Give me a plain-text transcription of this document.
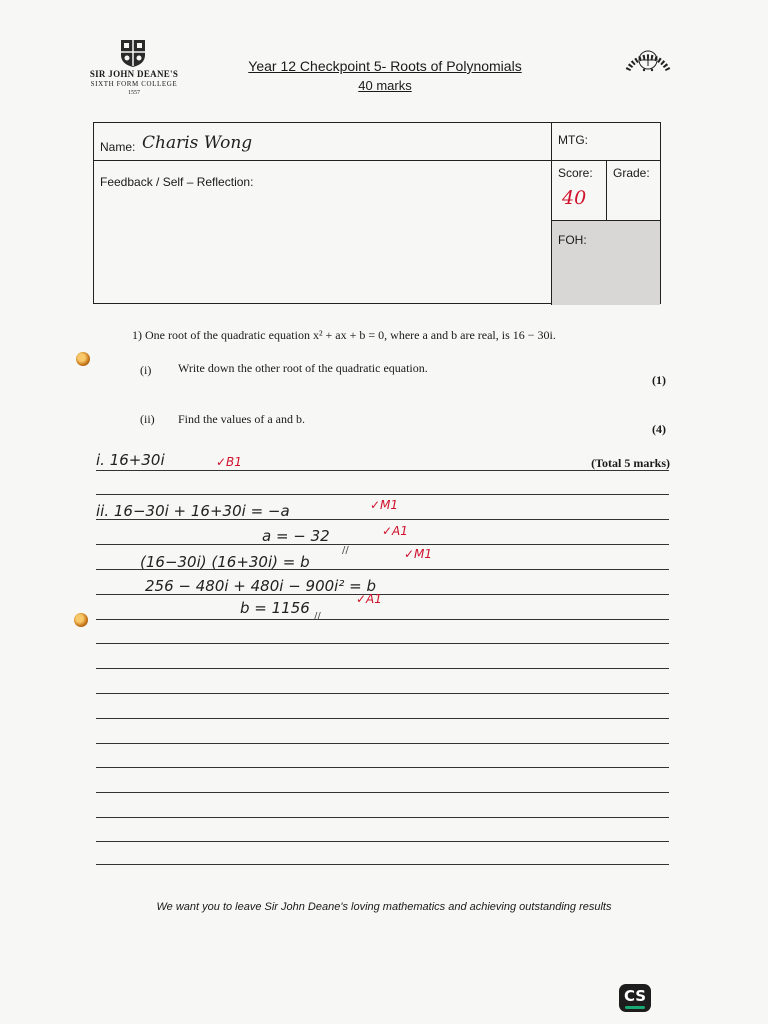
SIR JOHN DEANE'S
SIXTH FORM COLLEGE
1557
Year 12 Checkpoint 5- Roots of Polynomials
40 marks
Name: Charis Wong
Feedback / Self – Reflection:
MTG:
Score:
40
Grade:
FOH:
1) One root of the quadratic equation x² + ax + b = 0, where a and b are real, is 16 − 30i.
(i) Write down the other root of the quadratic equation.
(1)
(ii) Find the values of a and b.
(4)
(Total 5 marks)
i. 16+30i	✓B1
ii. 16−30i + 16+30i = −a	✓M1
a = − 32	✓A1
(16−30i) (16+30i) = b
//	✓M1
256 − 480i + 480i − 900i² = b
✓A1
b = 1156 //
We want you to leave Sir John Deane's loving mathematics and achieving outstanding results
CS
